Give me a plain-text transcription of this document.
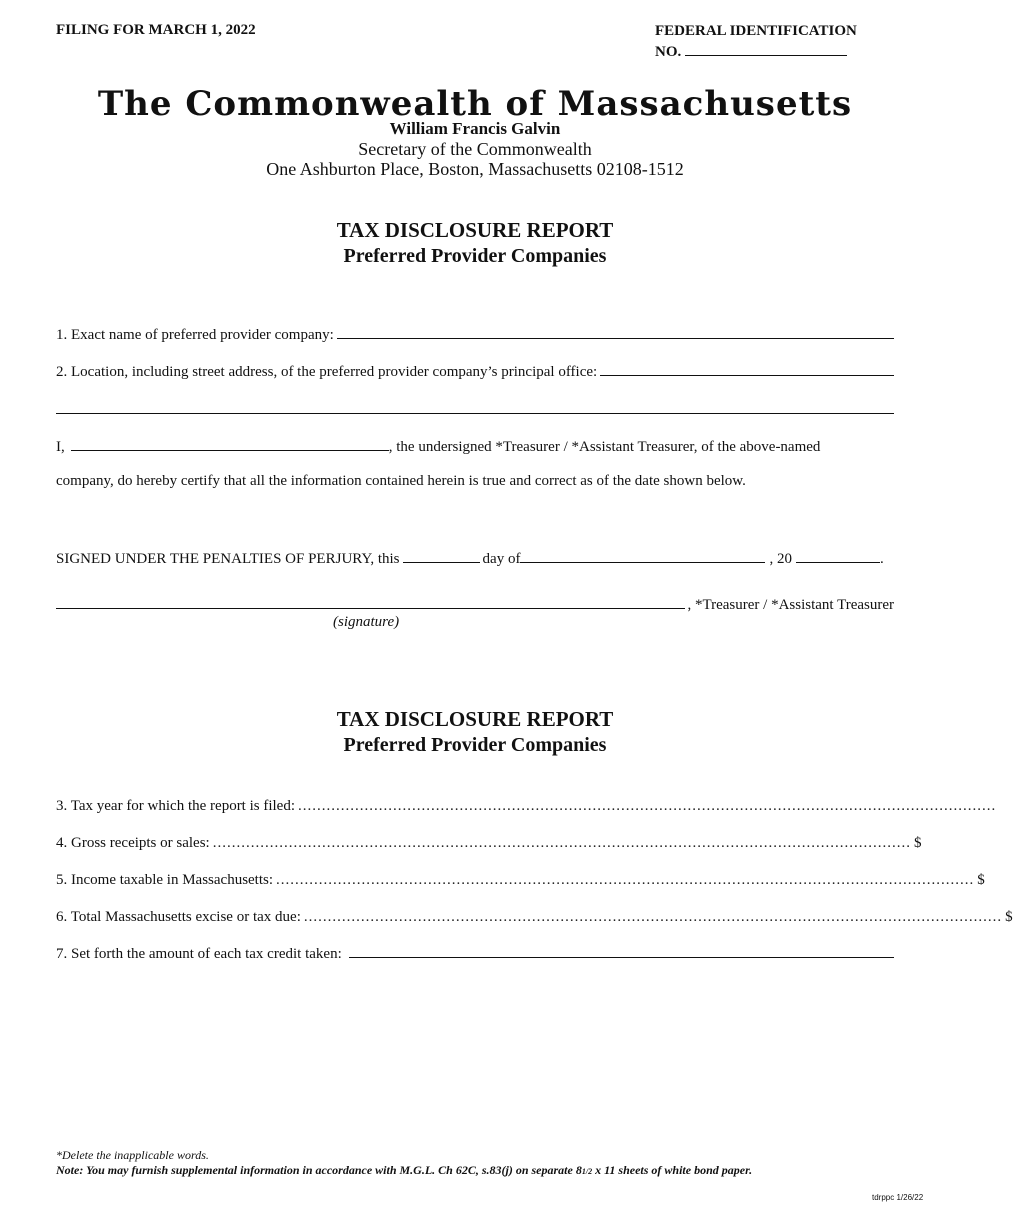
FILING FOR MARCH 1, 2022	FEDERAL IDENTIFICATION
NO.
The Commonwealth of Massachusetts
William Francis Galvin
Secretary of the Commonwealth
One Ashburton Place, Boston, Massachusetts 02108-1512
TAX DISCLOSURE REPORT
Preferred Provider Companies
1. Exact name of preferred provider company:
2. Location, including street address, of the preferred provider company’s principal office:
I,	, the undersigned *Treasurer / *Assistant Treasurer, of the above-named
company, do hereby certify that all the information contained herein is true and correct as of the date shown below.
SIGNED UNDER THE PENALTIES OF PERJURY, this	day of	, 20	.
, *Treasurer / *Assistant Treasurer
(signature)
TAX DISCLOSURE REPORT
Preferred Provider Companies
3. Tax year for which the report is filed: ...................................................................................................................................................
4. Gross receipts or sales: ................................................................................................................................................... $
5. Income taxable in Massachusetts: ................................................................................................................................................... $
6. Total Massachusetts excise or tax due: ................................................................................................................................................... $
7. Set forth the amount of each tax credit taken:
*Delete the inapplicable words.
Note: You may furnish supplemental information in accordance with M.G.L. Ch 62C, s.83(j) on separate 81/2 x 11 sheets of white bond paper.
tdrppc 1/26/22
